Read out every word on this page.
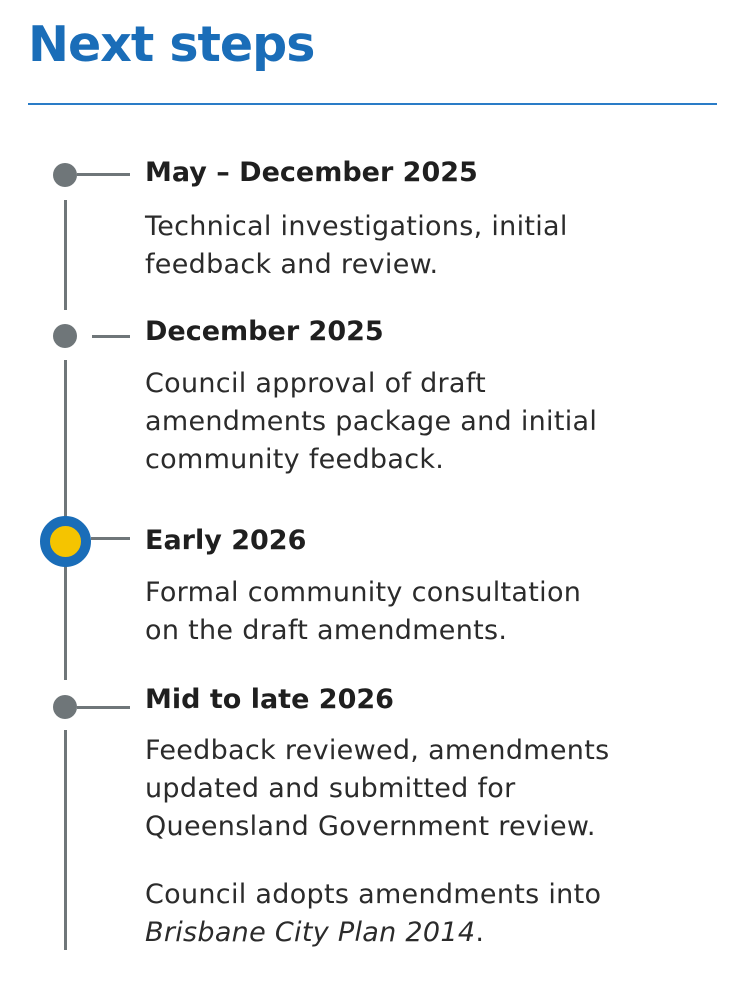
Next steps
May – December 2025
Technical investigations, initial
feedback and review.
December 2025
Council approval of draft
amendments package and initial
community feedback.
Early 2026
Formal community consultation
on the draft amendments.
Mid to late 2026
Feedback reviewed, amendments
updated and submitted for
Queensland Government review.
Council adopts amendments into
Brisbane City Plan 2014.
